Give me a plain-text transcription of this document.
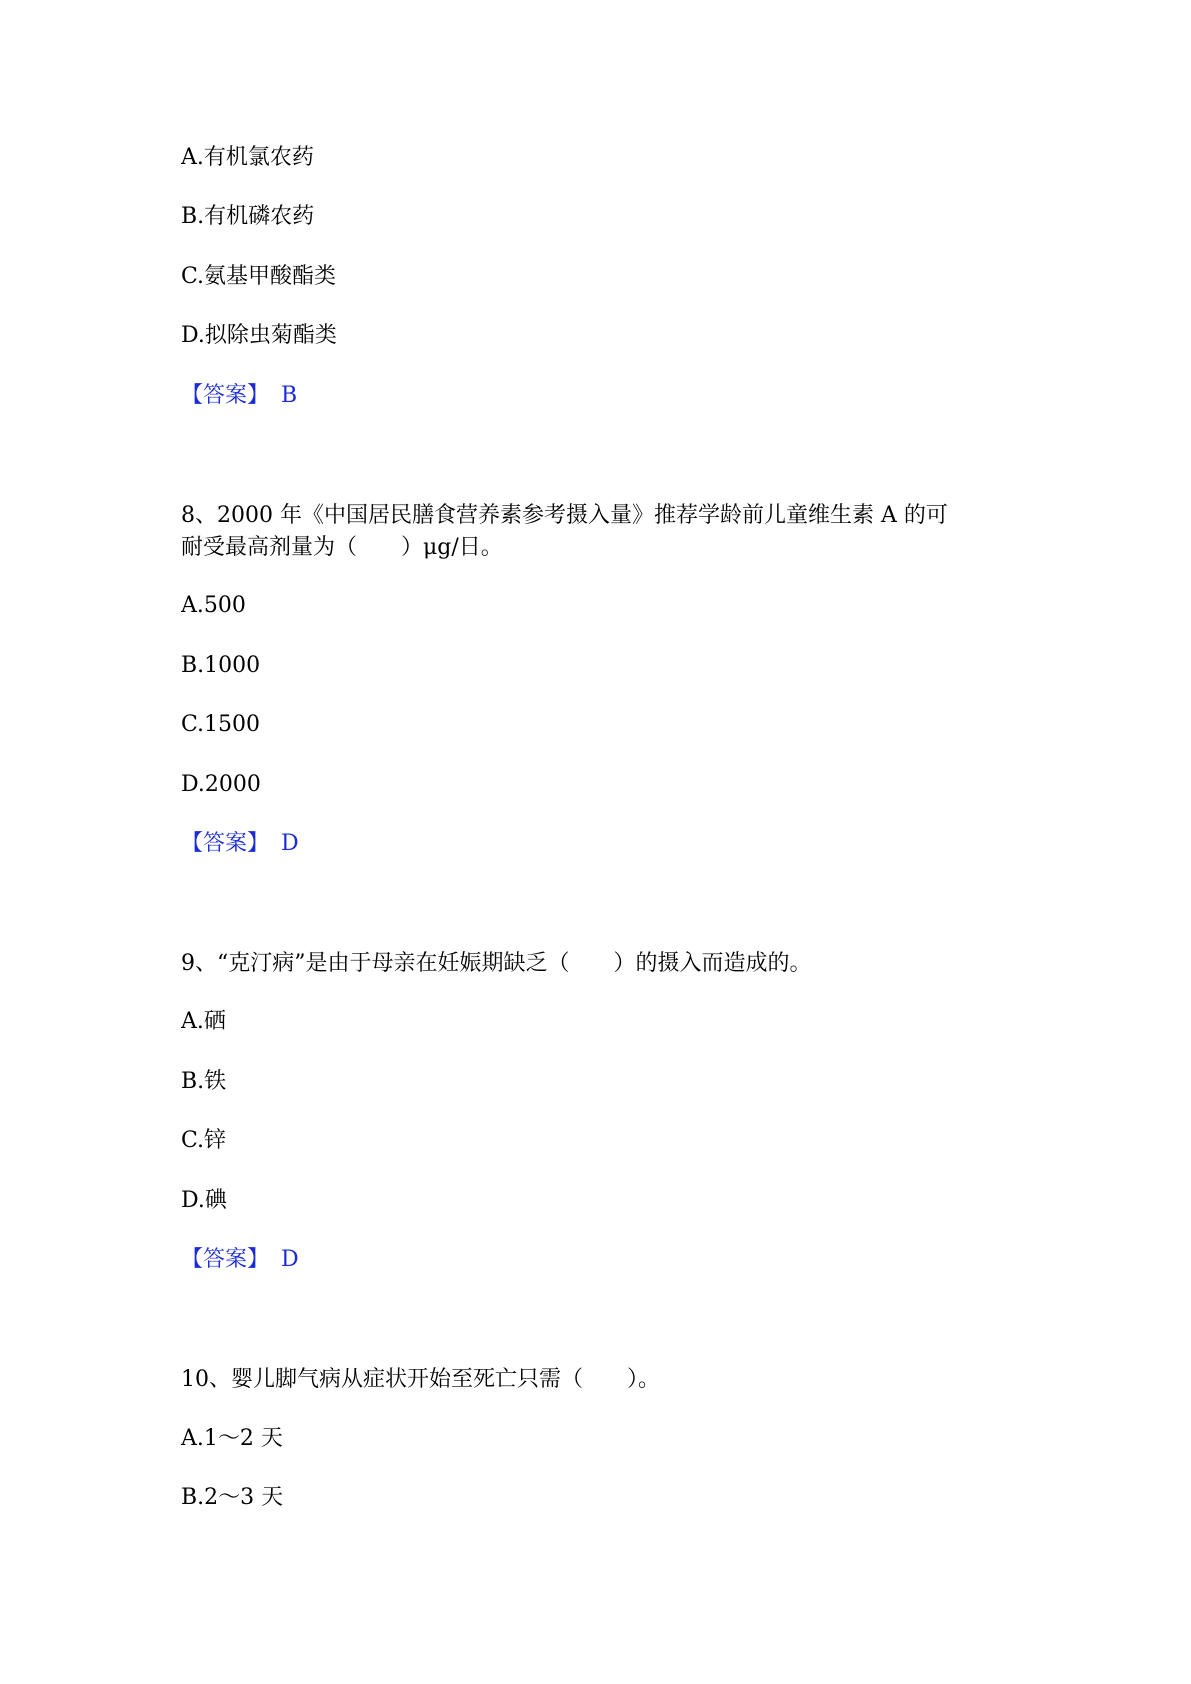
A.有机氯农药
B.有机磷农药
C.氨基甲酸酯类
D.拟除虫菊酯类
【答案】 B
8、2000 年《中国居民膳食营养素参考摄入量》推荐学龄前儿童维生素 A 的可
耐受最高剂量为（　　）μg/日。
A.500
B.1000
C.1500
D.2000
【答案】 D
9、“克汀病”是由于母亲在妊娠期缺乏（　　）的摄入而造成的。
A.硒
B.铁
C.锌
D.碘
【答案】 D
10、婴儿脚气病从症状开始至死亡只需（　　）。
A.1～2 天
B.2～3 天
